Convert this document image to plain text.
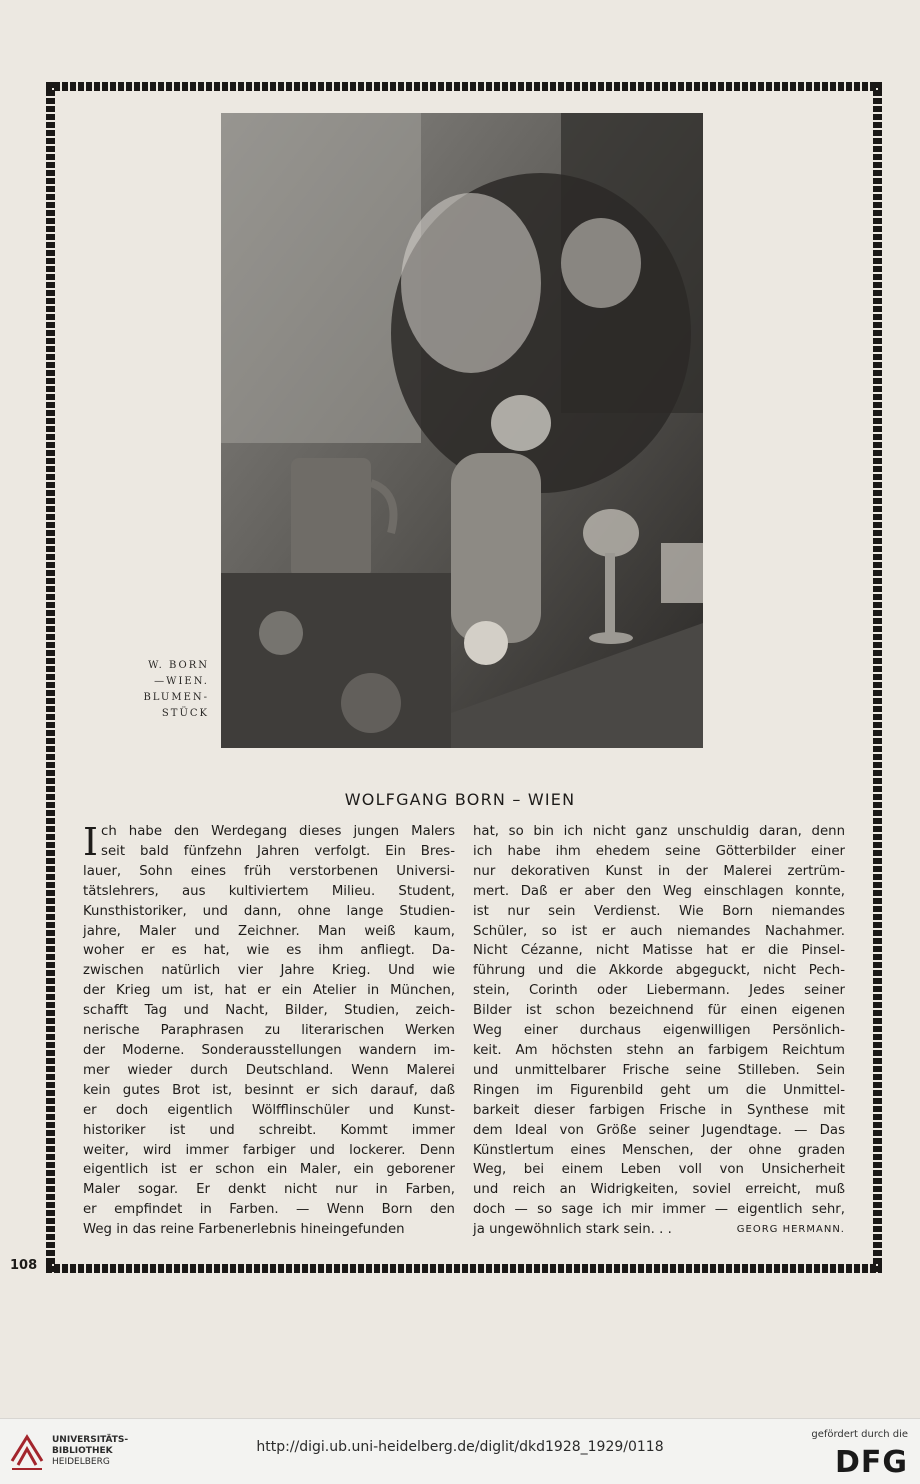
W. BORN
—WIEN.
BLUMEN-
STÜCK
WOLFGANG BORN – WIEN

I ch habe den Werdegang dieses jungen Malers
seit bald fünfzehn Jahren verfolgt. Ein Bres-
lauer, Sohn eines früh verstorbenen Universi-
tätslehrers, aus kultiviertem Milieu. Student,
Kunsthistoriker, und dann, ohne lange Studien-
jahre, Maler und Zeichner. Man weiß kaum,
woher er es hat, wie es ihm anfliegt. Da-
zwischen natürlich vier Jahre Krieg. Und wie
der Krieg um ist, hat er ein Atelier in München,
schafft Tag und Nacht, Bilder, Studien, zeich-
nerische Paraphrasen zu literarischen Werken
der Moderne. Sonderausstellungen wandern im-
mer wieder durch Deutschland. Wenn Malerei
kein gutes Brot ist, besinnt er sich darauf, daß
er doch eigentlich Wölfflinschüler und Kunst-
historiker ist und schreibt. Kommt immer
weiter, wird immer farbiger und lockerer. Denn
eigentlich ist er schon ein Maler, ein geborener
Maler sogar. Er denkt nicht nur in Farben,
er empfindet in Farben. — Wenn Born den
Weg in das reine Farbenerlebnis hineingefunden

hat, so bin ich nicht ganz unschuldig daran, denn
ich habe ihm ehedem seine Götterbilder einer
nur dekorativen Kunst in der Malerei zertrüm-
mert. Daß er aber den Weg einschlagen konnte,
ist nur sein Verdienst. Wie Born niemandes
Schüler, so ist er auch niemandes Nachahmer.
Nicht Cézanne, nicht Matisse hat er die Pinsel-
führung und die Akkorde abgeguckt, nicht Pech-
stein, Corinth oder Liebermann. Jedes seiner
Bilder ist schon bezeichnend für einen eigenen
Weg einer durchaus eigenwilligen Persönlich-
keit. Am höchsten stehn an farbigem Reichtum
und unmittelbarer Frische seine Stilleben. Sein
Ringen im Figurenbild geht um die Unmittel-
barkeit dieser farbigen Frische in Synthese mit
dem Ideal von Größe seiner Jugendtage. — Das
Künstlertum eines Menschen, der ohne graden
Weg, bei einem Leben voll von Unsicherheit
und reich an Widrigkeiten, soviel erreicht, muß
doch — so sage ich mir immer — eigentlich sehr,
ja ungewöhnlich stark sein. . .	GEORG HERMANN.

108
UNIVERSITÄTS-
BIBLIOTHEK
HEIDELBERG
http://digi.ub.uni-heidelberg.de/diglit/dkd1928_1929/0118
gefördert durch die
DFG
